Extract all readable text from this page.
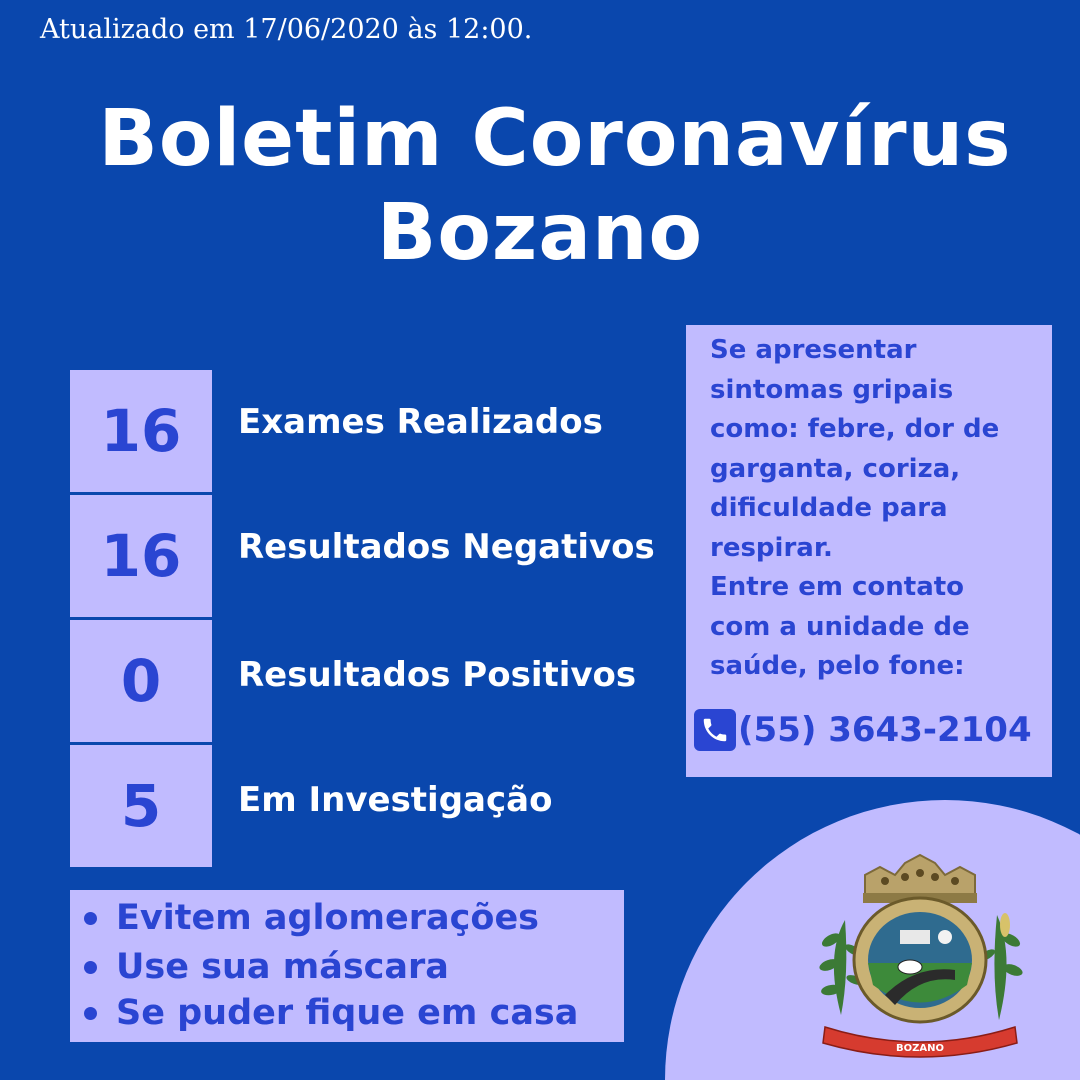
Atualizado em 17/06/2020 às 12:00.
Boletim Coronavírus
Bozano
16	Exames Realizados
16	Resultados Negativos
0	Resultados Positivos
5	Em Investigação
Se apresentar
sintomas gripais
como: febre, dor de
garganta, coriza,
dificuldade para
respirar.
Entre em contato
com a unidade de
saúde, pelo fone:
(55) 3643-2104
Evitem aglomerações
Use sua máscara
Se puder fique em casa
BOZANO
